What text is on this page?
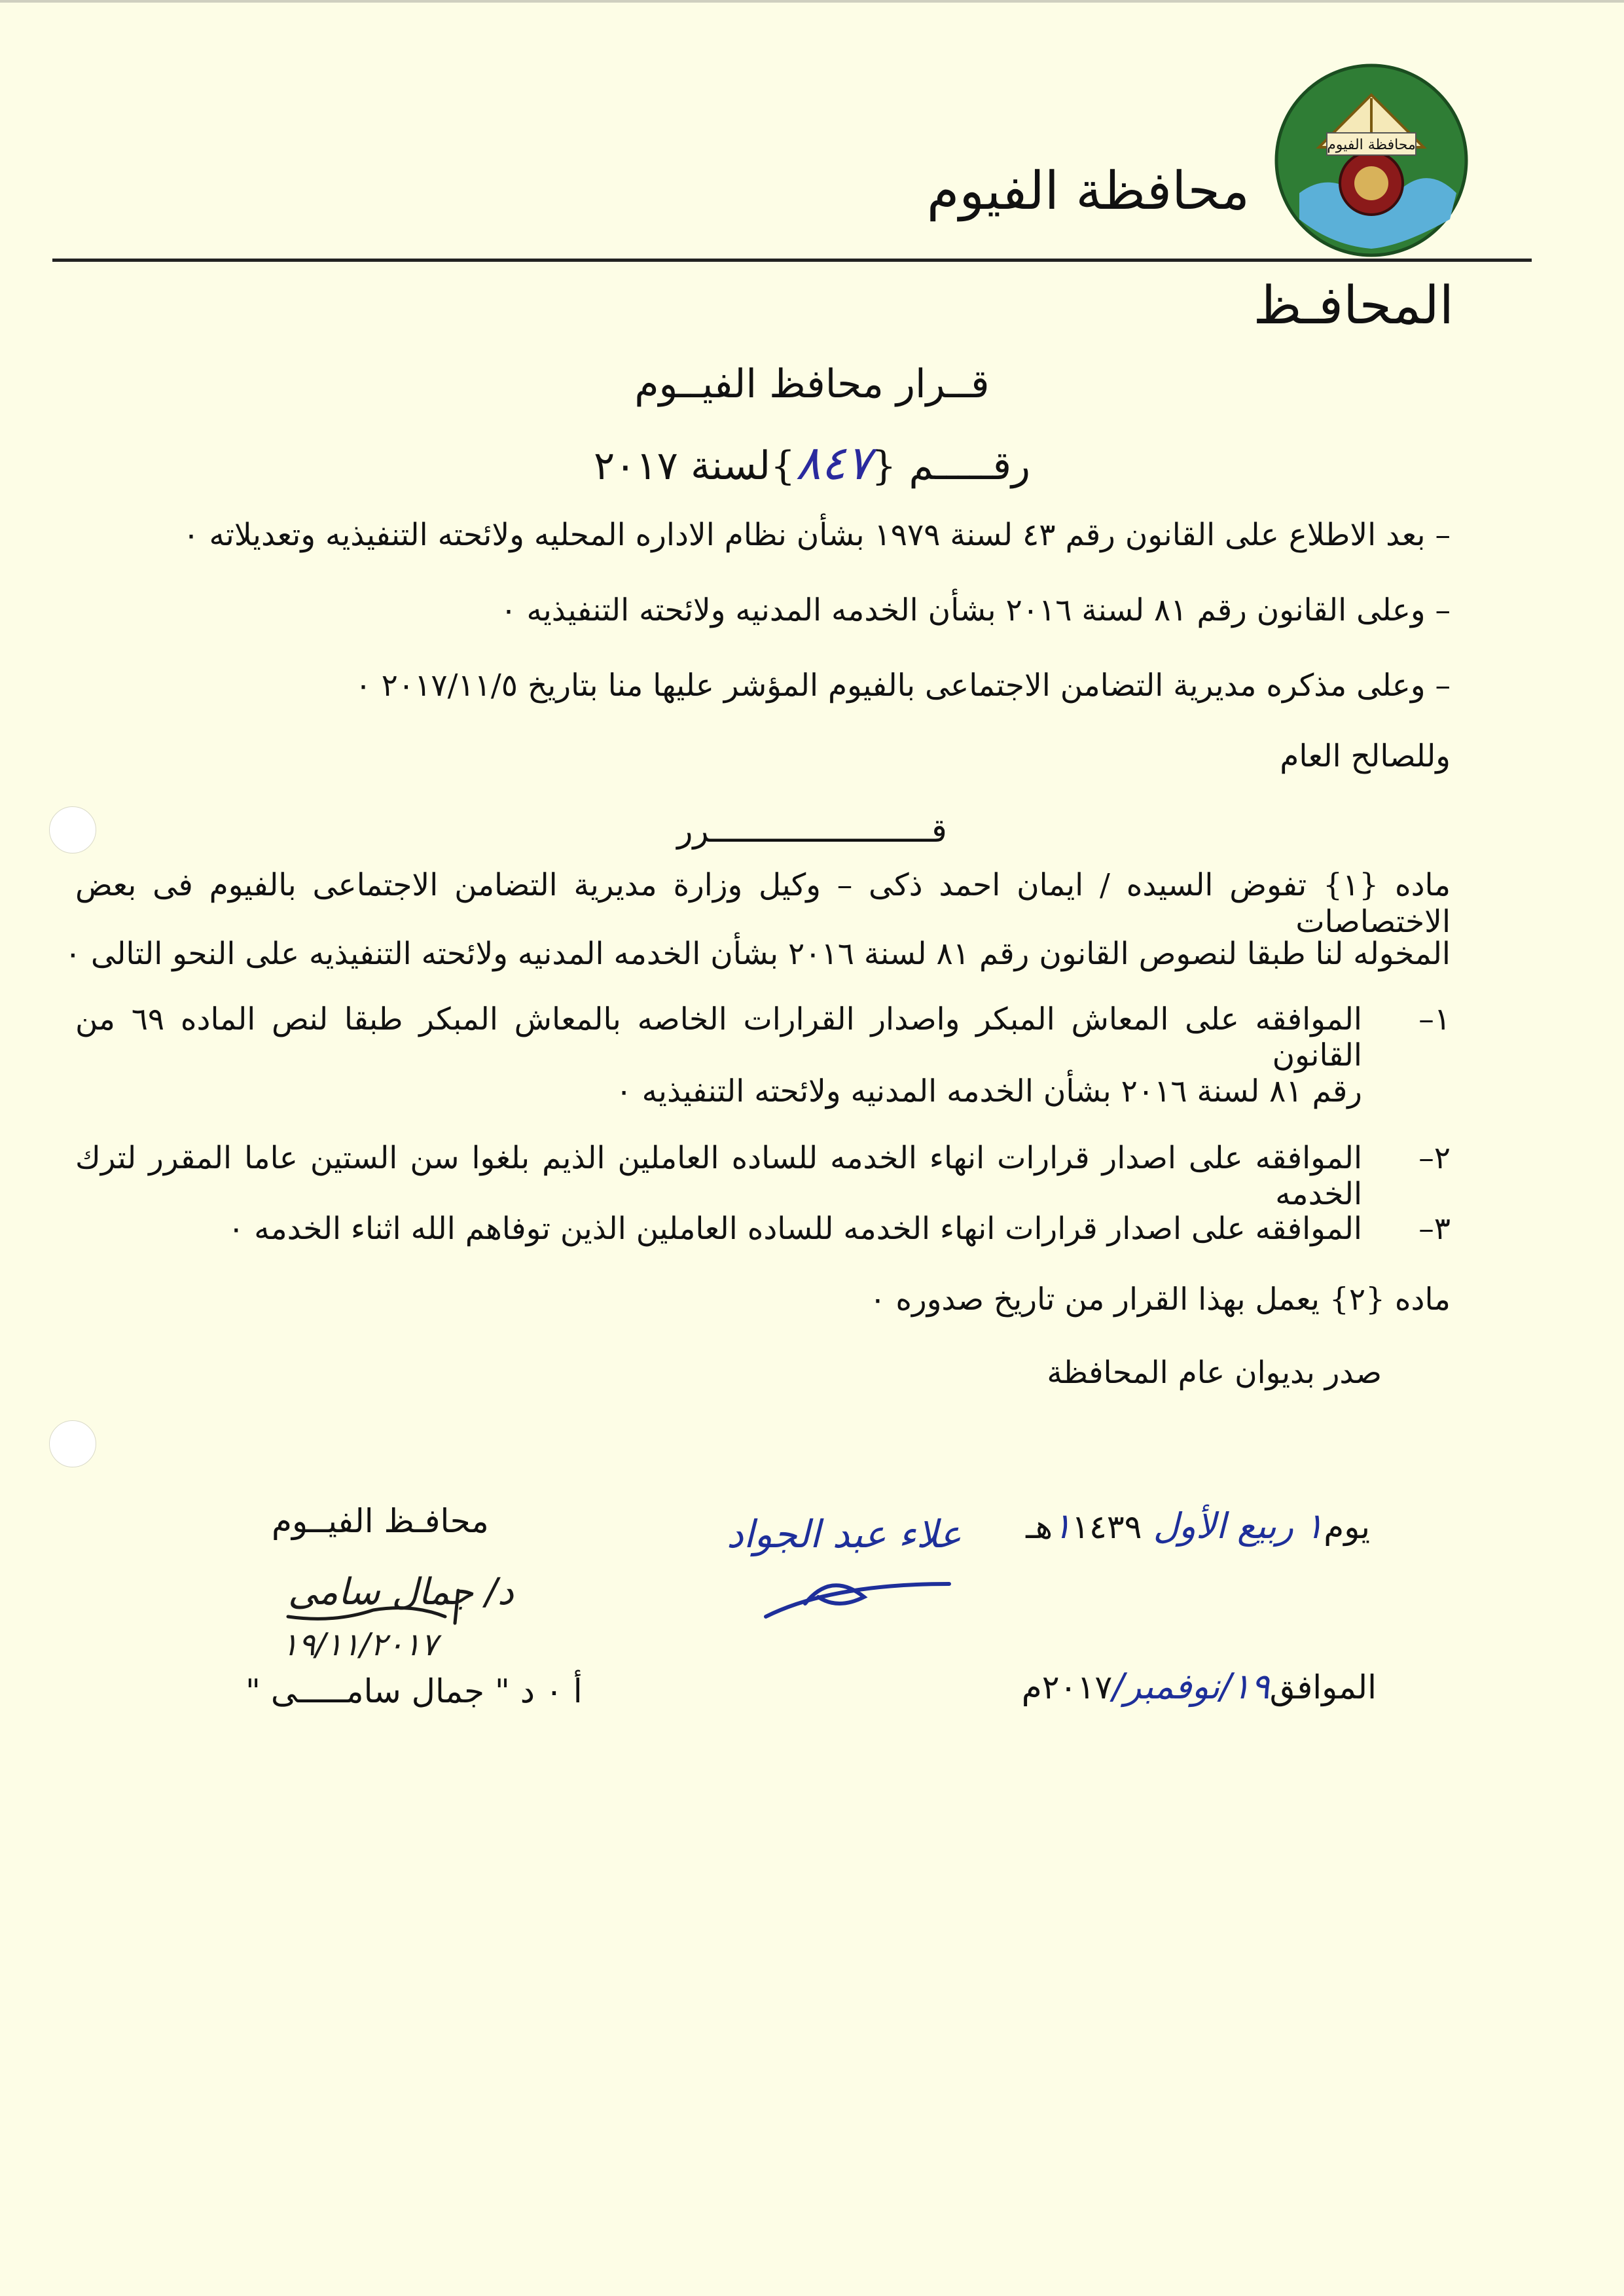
محافظة الفيوم
محافظة الفيوم
المحافـظ
قــرار محافظ الفيــوم
رقـــــم {٨٤٧}لسنة ٢٠١٧
– بعد الاطلاع على القانون رقم ٤٣ لسنة ١٩٧٩ بشأن نظام الاداره المحليه ولائحته التنفيذيه وتعديلاته ٠
– وعلى القانون رقم ٨١ لسنة ٢٠١٦ بشأن الخدمه المدنيه ولائحته التنفيذيه ٠
– وعلى مذكره مديرية التضامن الاجتماعى بالفيوم المؤشر عليها منا بتاريخ ٢٠١٧/١١/٥ ٠
وللصالح العام
قـــــــــــــــــــــــرر
ماده {١} تفوض السيده / ايمان احمد ذكى – وكيل وزارة مديرية التضامن الاجتماعى بالفيوم فى بعض الاختصاصات
المخوله لنا طبقا لنصوص القانون رقم ٨١ لسنة ٢٠١٦ بشأن الخدمه المدنيه ولائحته التنفيذيه على النحو التالى ٠
١–
الموافقه على المعاش المبكر واصدار القرارات الخاصه بالمعاش المبكر طبقا لنص الماده ٦٩ من القانون
رقم ٨١ لسنة ٢٠١٦ بشأن الخدمه المدنيه ولائحته التنفيذيه ٠
٢–
الموافقه على اصدار قرارات انهاء الخدمه للساده العاملين الذيم بلغوا سن الستين عاما المقرر لترك الخدمه
٣–
الموافقه على اصدار قرارات انهاء الخدمه للساده العاملين الذين توفاهم الله اثناء الخدمه ٠
ماده {٢} يعمل بهذا القرار من تاريخ صدوره ٠
صدر بديوان عام المحافظة
يوم١ ربيع الأول ١١٤٣٩هـ
الموافق١٩/نوفمبر/٢٠١٧م
علاء عبد الجواد
محافـظ الفيــوم
د/ جمال سامى
١٩/١١/٢٠١٧
أ ٠ د " جمال سامـــــى "
